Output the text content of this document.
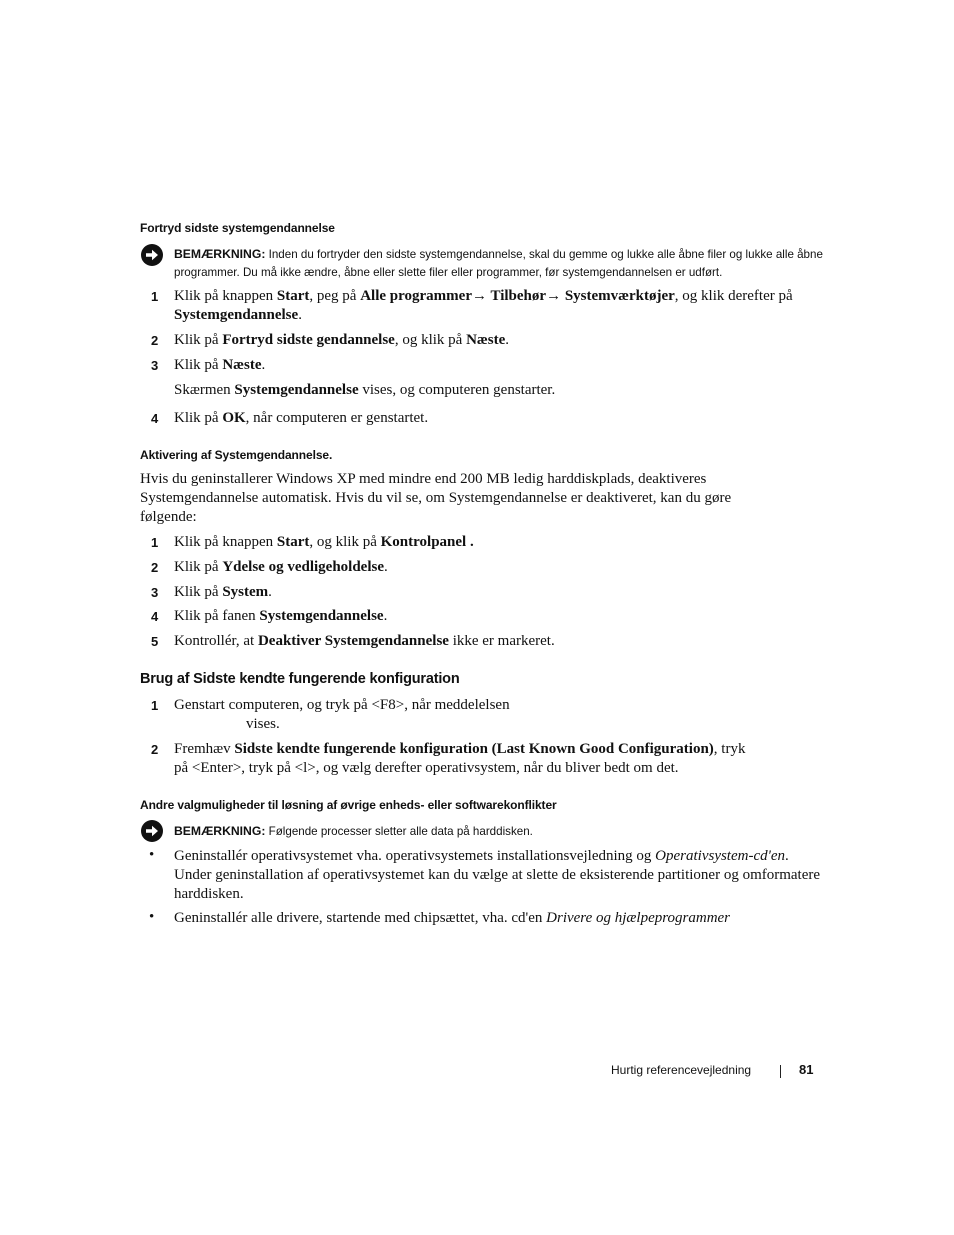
Fortryd sidste systemgendannelse
BEMÆRKNING: Inden du fortryder den sidste systemgendannelse, skal du gemme og lukke alle åbne filer og lukke alle åbne programmer. Du må ikke ændre, åbne eller slette filer eller programmer, før systemgendannelsen er udført.
1	Klik på knappen Start, peg på Alle programmer→ Tilbehør→ Systemværktøjer, og klik derefter på
Systemgendannelse.
2	Klik på Fortryd sidste gendannelse, og klik på Næste.
3	Klik på Næste.
Skærmen Systemgendannelse vises, og computeren genstarter.
4	Klik på OK, når computeren er genstartet.
Aktivering af Systemgendannelse.
Hvis du geninstallerer Windows XP med mindre end 200 MB ledig harddiskplads, deaktiveres Systemgendannelse automatisk. Hvis du vil se, om Systemgendannelse er deaktiveret, kan du gøre følgende:
1	Klik på knappen Start, og klik på Kontrolpanel .
2	Klik på Ydelse og vedligeholdelse.
3	Klik på System.
4	Klik på fanen Systemgendannelse.
5	Kontrollér, at Deaktiver Systemgendannelse ikke er markeret.
Brug af Sidste kendte fungerende konfiguration
1	Genstart computeren, og tryk på <F8>, når meddelelsen
vises.
2	Fremhæv Sidste kendte fungerende konfiguration (Last Known Good Configuration), tryk
på <Enter>, tryk på <l>, og vælg derefter operativsystem, når du bliver bedt om det.
Andre valgmuligheder til løsning af øvrige enheds- eller softwarekonflikter
BEMÆRKNING: Følgende processer sletter alle data på harddisken.
• Geninstallér operativsystemet vha. operativsystemets installationsvejledning og Operativsystem-cd'en.
Under geninstallation af operativsystemet kan du vælge at slette de eksisterende partitioner og omformatere harddisken.
• Geninstallér alle drivere, startende med chipsættet, vha. cd'en Drivere og hjælpeprogrammer
Hurtig referencevejledning	81
